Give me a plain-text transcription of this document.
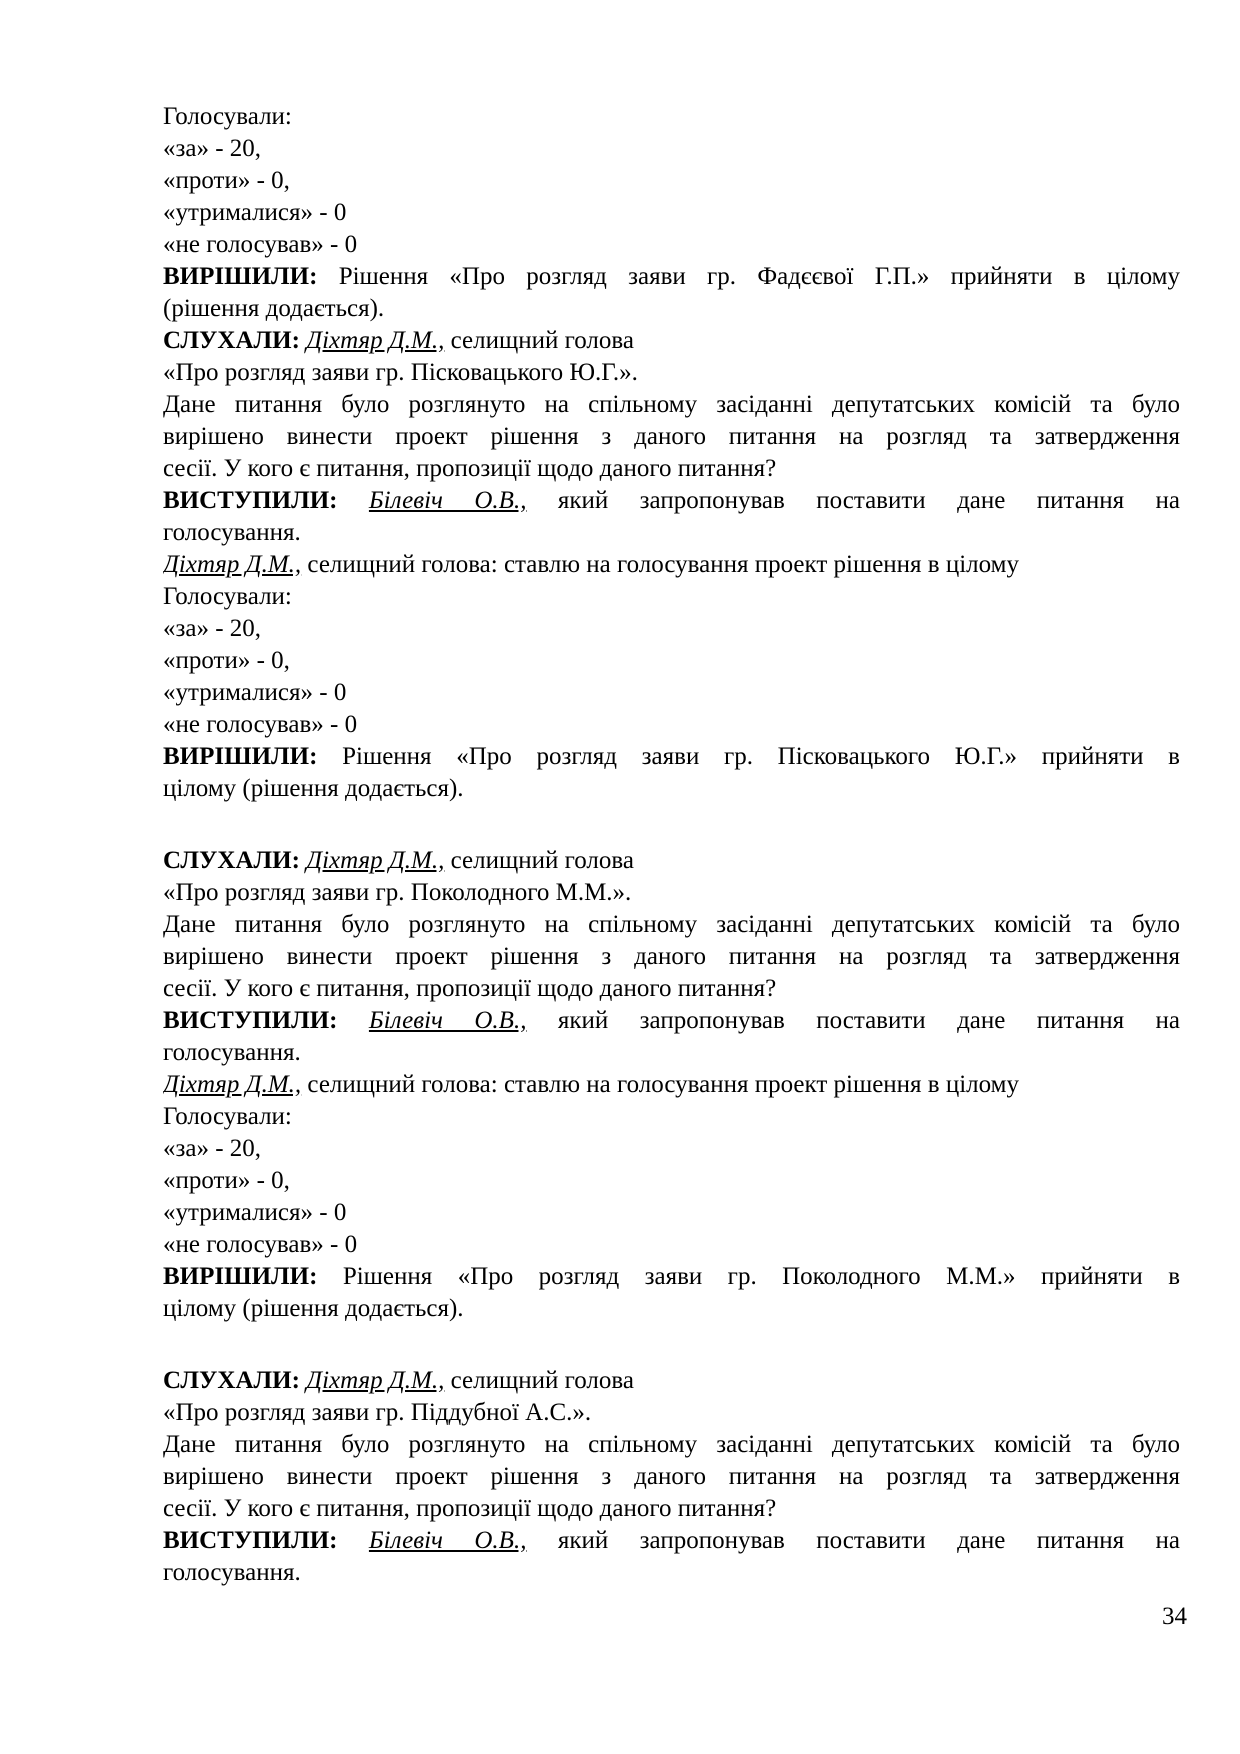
Голосували:
«за» - 20,
«проти» - 0,
«утрималися» - 0
«не голосував» - 0
ВИРІШИЛИ: Рішення «Про розгляд заяви гр. Фадєєвої Г.П.» прийняти в цілому
(рішення додається).
СЛУХАЛИ: Діхтяр Д.М., селищний голова
«Про розгляд заяви гр. Пісковацького Ю.Г.».
Дане питання було розглянуто на спільному засіданні депутатських комісій та було
вирішено винести проект рішення з даного питання на розгляд та затвердження
сесії. У кого є питання, пропозиції щодо даного питання?
ВИСТУПИЛИ: Білевіч О.В., який запропонував поставити дане питання на
голосування.
Діхтяр Д.М., селищний голова: ставлю на голосування проект рішення в цілому
Голосували:
«за» - 20,
«проти» - 0,
«утрималися» - 0
«не голосував» - 0
ВИРІШИЛИ: Рішення «Про розгляд заяви гр. Пісковацького Ю.Г.» прийняти в
цілому (рішення додається).
СЛУХАЛИ: Діхтяр Д.М., селищний голова
«Про розгляд заяви гр. Поколодного М.М.».
Дане питання було розглянуто на спільному засіданні депутатських комісій та було
вирішено винести проект рішення з даного питання на розгляд та затвердження
сесії. У кого є питання, пропозиції щодо даного питання?
ВИСТУПИЛИ: Білевіч О.В., який запропонував поставити дане питання на
голосування.
Діхтяр Д.М., селищний голова: ставлю на голосування проект рішення в цілому
Голосували:
«за» - 20,
«проти» - 0,
«утрималися» - 0
«не голосував» - 0
ВИРІШИЛИ: Рішення «Про розгляд заяви гр. Поколодного М.М.» прийняти в
цілому (рішення додається).
СЛУХАЛИ: Діхтяр Д.М., селищний голова
«Про розгляд заяви гр. Піддубної А.С.».
Дане питання було розглянуто на спільному засіданні депутатських комісій та було
вирішено винести проект рішення з даного питання на розгляд та затвердження
сесії. У кого є питання, пропозиції щодо даного питання?
ВИСТУПИЛИ: Білевіч О.В., який запропонував поставити дане питання на
голосування.
34
